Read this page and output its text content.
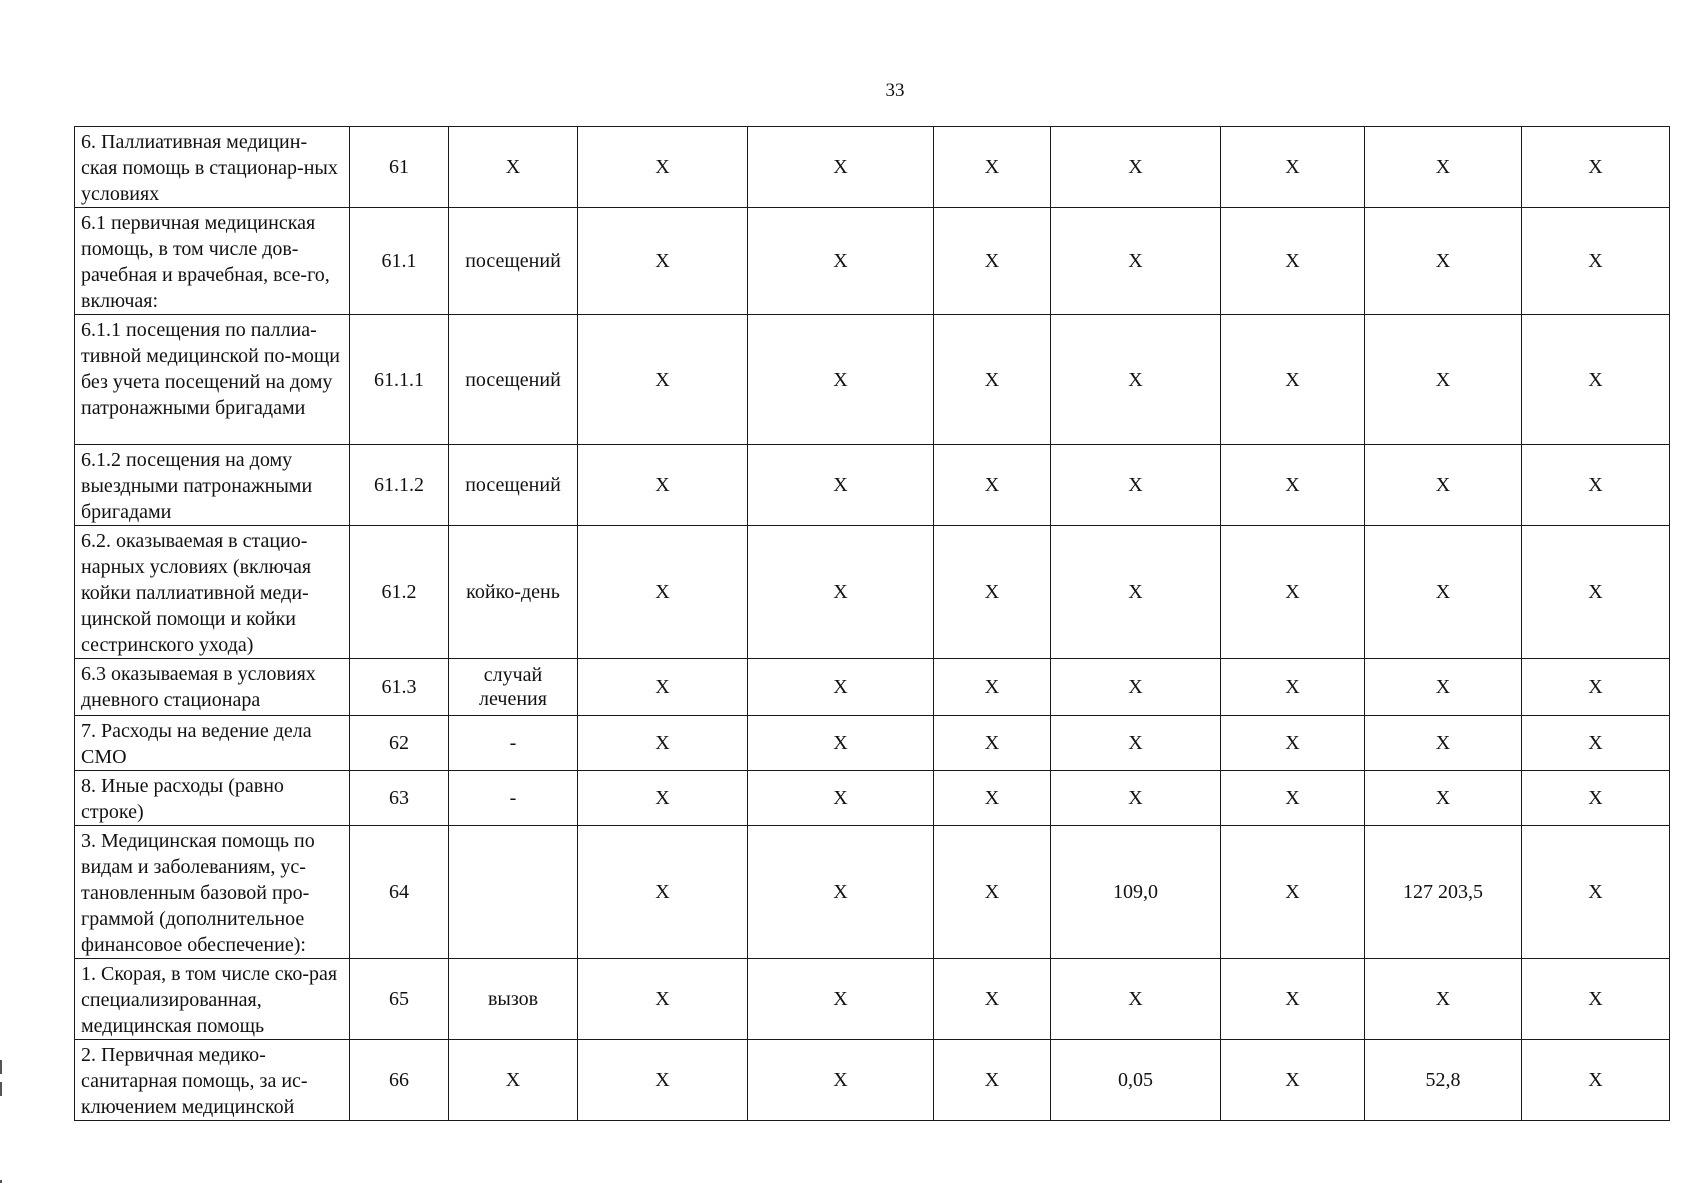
33
6. Паллиативная медицин-ская помощь в стационар-ных условиях	61	Х	Х	Х	Х	Х	Х	Х	Х
6.1 первичная медицинская помощь, в том числе дов-рачебная и врачебная, все-го, включая:	61.1	посещений	Х	Х	Х	Х	Х	Х	Х
6.1.1 посещения по паллиа-тивной медицинской по-мощи без учета посещений на дому патронажными бригадами	61.1.1	посещений	Х	Х	Х	Х	Х	Х	Х
6.1.2 посещения на дому выездными патронажными бригадами	61.1.2	посещений	Х	Х	Х	Х	Х	Х	Х
6.2. оказываемая в стацио-нарных условиях (включая койки паллиативной меди-цинской помощи и койки сестринского ухода)	61.2	койко-день	Х	Х	Х	Х	Х	Х	Х
6.3 оказываемая в условиях дневного стационара	61.3	случай лечения	Х	Х	Х	Х	Х	Х	Х
7. Расходы на ведение дела СМО	62	-	Х	Х	Х	Х	Х	Х	Х
8. Иные расходы (равно строке)	63	-	Х	Х	Х	Х	Х	Х	Х
3. Медицинская помощь по видам и заболеваниям, ус-тановленным базовой про-граммой (дополнительное финансовое обеспечение):	64		Х	Х	Х	109,0	Х	127 203,5	Х
1. Скорая, в том числе ско-рая специализированная, медицинская помощь	65	вызов	Х	Х	Х	Х	Х	Х	Х
2. Первичная медико-санитарная помощь, за ис-ключением медицинской	66	Х	Х	Х	Х	0,05	Х	52,8	Х
